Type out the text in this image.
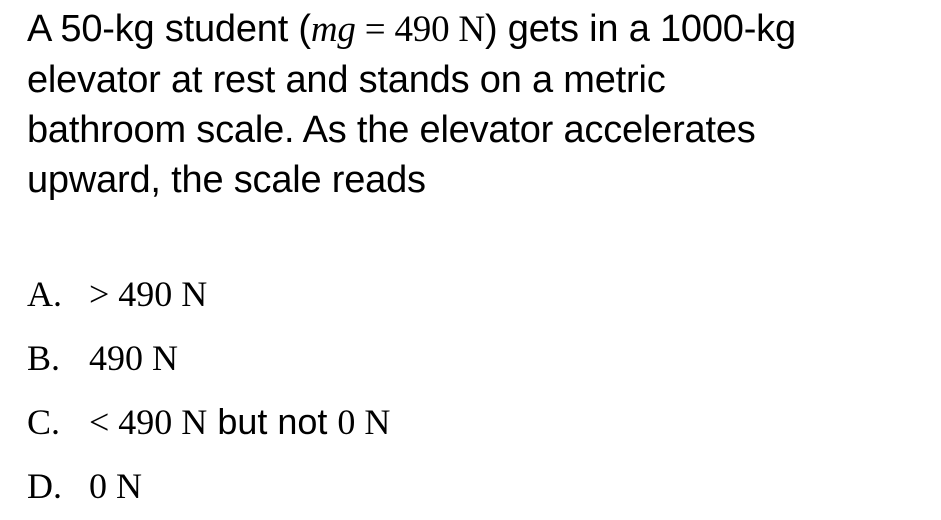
A 50-kg student (mg = 490 N) gets in a 1000-kg
elevator at rest and stands on a metric
bathroom scale. As the elevator accelerates
upward, the scale reads
A. > 490 N
B. 490 N
C. < 490 N but not 0 N
D. 0 N
